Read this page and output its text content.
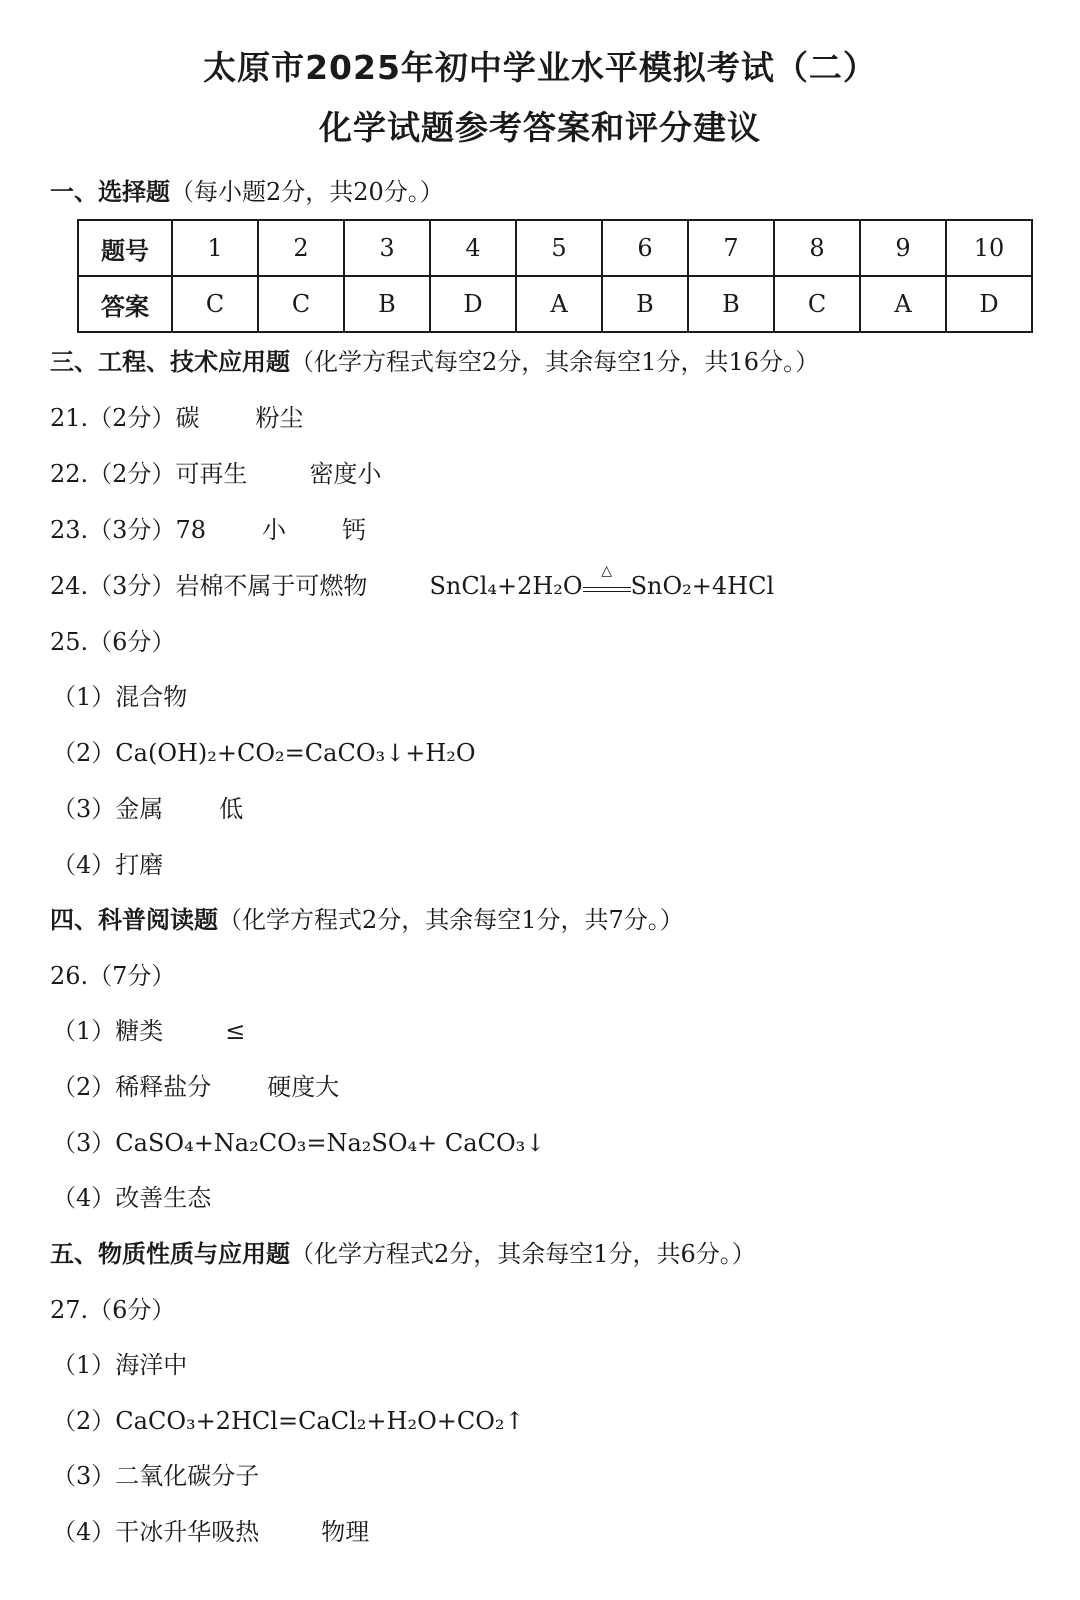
太原市2025年初中学业水平模拟考试（二）
化学试题参考答案和评分建议
一、选择题（每小题2分，共20分。）
题号	1	2	3	4	5	6	7	8	9	10
答案	C	C	B	D	A	B	B	C	A	D
三、工程、技术应用题（化学方程式每空2分，其余每空1分，共16分。）
21.（2分）碳 粉尘
22.（2分）可再生	密度小
23.（3分）78 小 钙
24.（3分）岩棉不属于可燃物	SnCl₄+2H₂O
△
SnO₂+4HCl
25.（6分）
（1）混合物
（2）Ca(OH)₂+CO₂=CaCO₃↓+H₂O
（3）金属 低
（4）打磨
四、科普阅读题（化学方程式2分，其余每空1分，共7分。）
26.（7分）
（1）糖类	≤
（2）稀释盐分 硬度大
（3）CaSO₄+Na₂CO₃=Na₂SO₄+ CaCO₃↓
（4）改善生态
五、物质性质与应用题（化学方程式2分，其余每空1分，共6分。）
27.（6分）
（1）海洋中
（2）CaCO₃+2HCl=CaCl₂+H₂O+CO₂↑
（3）二氧化碳分子
（4）干冰升华吸热	物理
